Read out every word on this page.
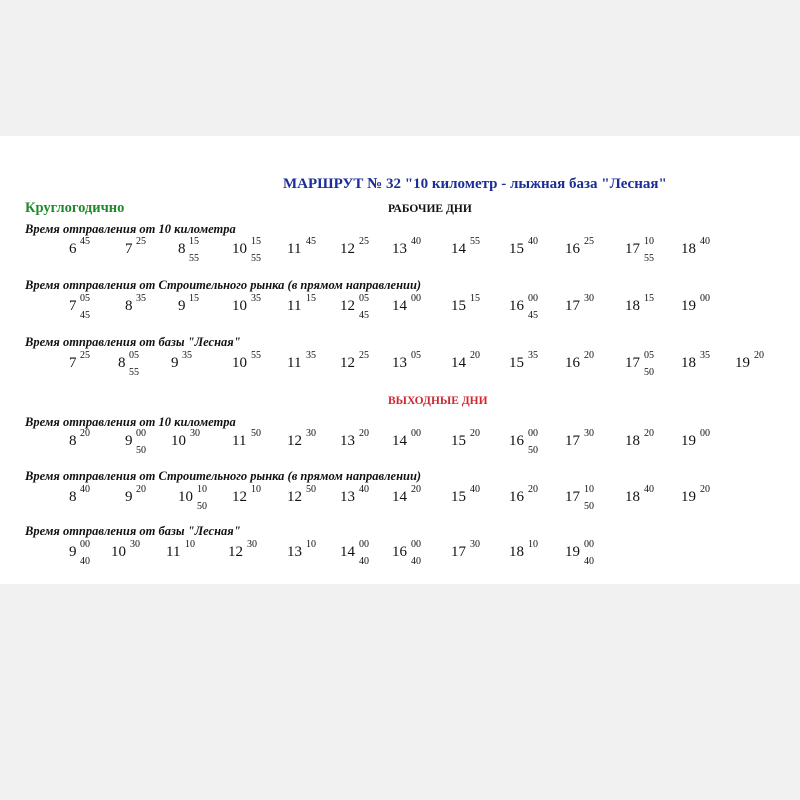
МАРШРУТ № 32 "10 километр - лыжная база "Лесная"
Круглогодично	РАБОЧИЕ ДНИ
ВЫХОДНЫЕ ДНИ
Время отправления от 10 километра
6 45 7 25 8 15
55
10 15
55
11 45 12 25 13 40 14 55 15 40 16 25 17 10
55
18 40
Время отправления от Строительного рынка (в прямом направлении)
7 05
45
8 35 9 15 10 35 11 15 12 05
45
14 00 15 15 16 00
45
17 30 18 15 19 00
Время отправления от базы "Лесная"
7 25 8 05
55
9 35	10 55 11 35 12 25 13 05 14 20 15 35 16 20 17 05
50
18 35 19 20
Время отправления от 10 километра
8 20 9 00
50
10 30 11 50 12 30 13 20 14 00 15 20 16 00
50
17 30 18 20 19 00
Время отправления от Строительного рынка (в прямом направлении)
8 40 9 20 10 10
50
12 10 12 50 13 40 14 20 15 40 16 20 17 10
50
18 40 19 20
Время отправления от базы "Лесная"
9 00
40
10 30 11 10 12 30 13 10 14 00
40
16 00
40
17 30 18 10 19 00
40
